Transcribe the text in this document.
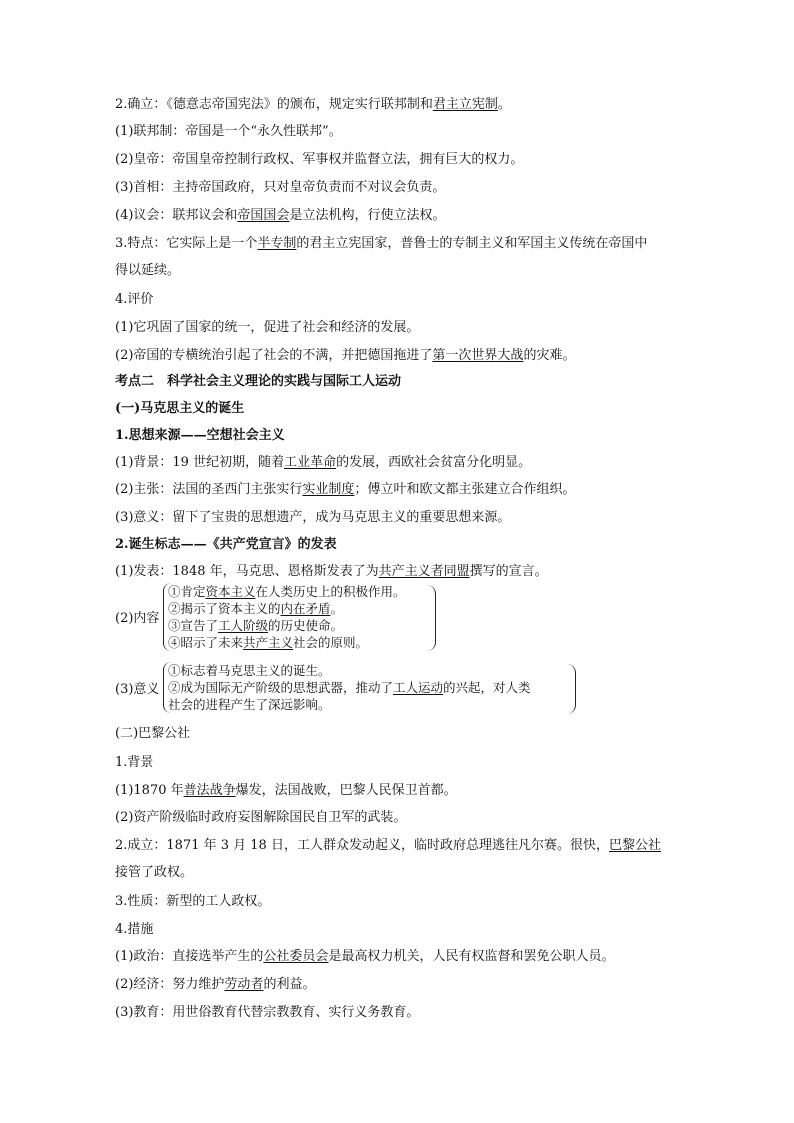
2.确立：《德意志帝国宪法》的颁布，规定实行联邦制和君主立宪制。
(1)联邦制：帝国是一个“永久性联邦”。
(2)皇帝：帝国皇帝控制行政权、军事权并监督立法，拥有巨大的权力。
(3)首相：主持帝国政府，只对皇帝负责而不对议会负责。
(4)议会：联邦议会和帝国国会是立法机构，行使立法权。
3.特点：它实际上是一个半专制的君主立宪国家，普鲁士的专制主义和军国主义传统在帝国中
得以延续。
4.评价
(1)它巩固了国家的统一，促进了社会和经济的发展。
(2)帝国的专横统治引起了社会的不满，并把德国拖进了第一次世界大战的灾难。
考点二　科学社会主义理论的实践与国际工人运动
(一)马克思主义的诞生
1.思想来源——空想社会主义
(1)背景：19 世纪初期，随着工业革命的发展，西欧社会贫富分化明显。
(2)主张：法国的圣西门主张实行实业制度；傅立叶和欧文都主张建立合作组织。
(3)意义：留下了宝贵的思想遗产，成为马克思主义的重要思想来源。
2.诞生标志——《共产党宣言》的发表
(1)发表：1848 年，马克思、恩格斯发表了为共产主义者同盟撰写的宣言。
(二)巴黎公社
1.背景
(1)1870 年普法战争爆发，法国战败，巴黎人民保卫首都。
(2)资产阶级临时政府妄图解除国民自卫军的武装。
2.成立：1871 年 3 月 18 日，工人群众发动起义，临时政府总理逃往凡尔赛。很快，巴黎公社
接管了政权。
3.性质：新型的工人政权。
4.措施
(1)政治：直接选举产生的公社委员会是最高权力机关，人民有权监督和罢免公职人员。
(2)经济：努力维护劳动者的利益。
(3)教育：用世俗教育代替宗教教育、实行义务教育。
(2)内容
①肯定资本主义在人类历史上的积极作用。
②揭示了资本主义的内在矛盾。
③宣告了工人阶级的历史使命。
④昭示了未来共产主义社会的原则。
(3)意义
①标志着马克思主义的诞生。
②成为国际无产阶级的思想武器，推动了工人运动的兴起，对人类
社会的进程产生了深远影响。
